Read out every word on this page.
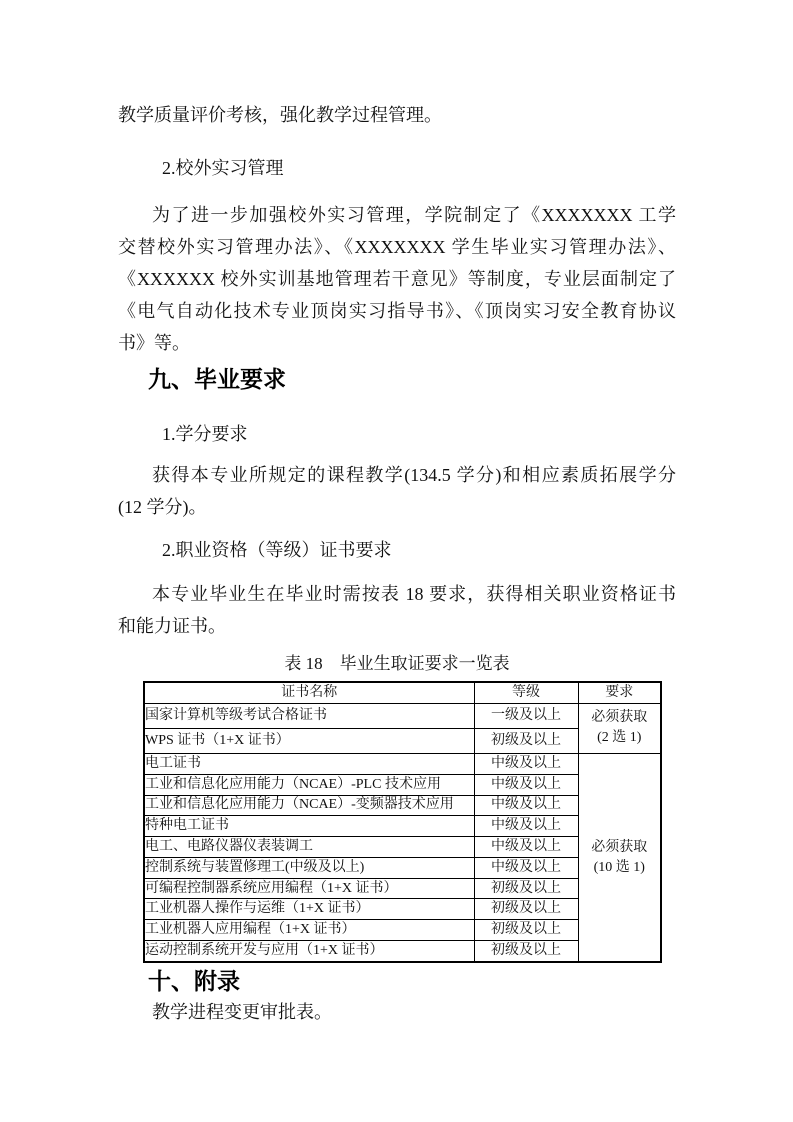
教学质量评价考核，强化教学过程管理。
2.校外实习管理
为了进一步加强校外实习管理，学院制定了《XXXXXXX 工学
交替校外实习管理办法》、《XXXXXXX 学生毕业实习管理办法》、
《XXXXXX 校外实训基地管理若干意见》等制度，专业层面制定了
《电气自动化技术专业顶岗实习指导书》、《顶岗实习安全教育协议
书》等。
九、毕业要求
1.学分要求
获得本专业所规定的课程教学(134.5 学分)和相应素质拓展学分
(12 学分)。
2.职业资格（等级）证书要求
本专业毕业生在毕业时需按表 18 要求，获得相关职业资格证书
和能力证书。
表 18　毕业生取证要求一览表
证书名称	等级	要求
国家计算机等级考试合格证书	一级及以上	必须获取
(2 选 1)

WPS 证书（1+X 证书）	初级及以上	
电工证书	中级及以上	必须获取
(10 选 1)

工业和信息化应用能力（NCAE）-PLC 技术应用	中级及以上	
工业和信息化应用能力（NCAE）-变频器技术应用	中级及以上	
特种电工证书	中级及以上	
电工、电路仪器仪表装调工	中级及以上	
控制系统与装置修理工(中级及以上)	中级及以上	
可编程控制器系统应用编程（1+X 证书）	初级及以上	
工业机器人操作与运维（1+X 证书）	初级及以上	
工业机器人应用编程（1+X 证书）	初级及以上	
运动控制系统开发与应用（1+X 证书）	初级及以上	
十、附录
教学进程变更审批表。
